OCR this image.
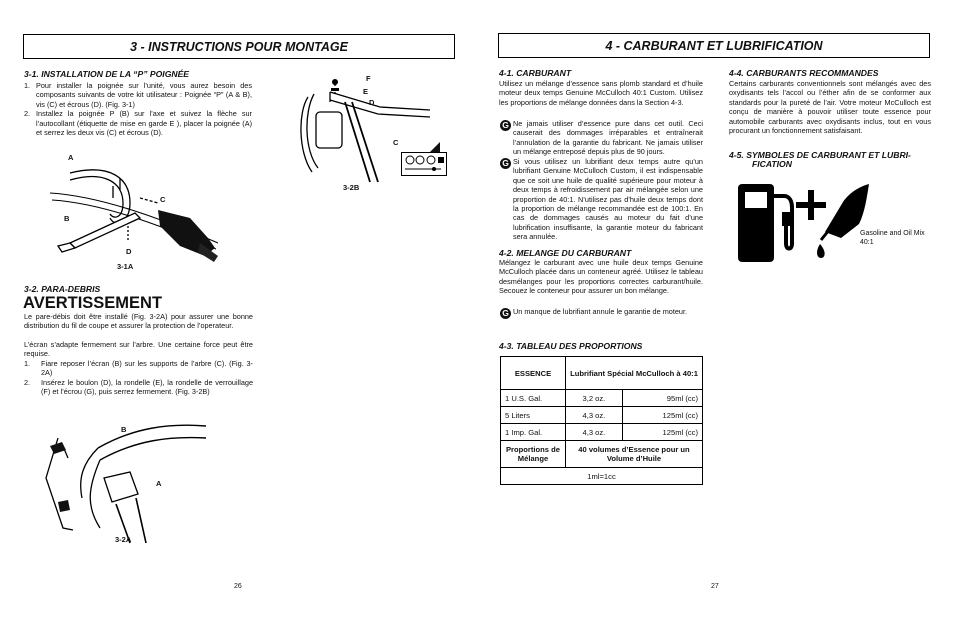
3 - INSTRUCTIONS POUR MONTAGE
3-1. INSTALLATION DE LA “P” POIGNÉE
1. Pour installer la poignée sur l’unité, vous aurez besoin des composants suivants de votre kit utilisateur : Poignée “P” (A & B), vis (C) et écrous (D). (Fig. 3-1)
2. Installez la poignée P (B) sur l’axe et suivez la flèche sur l’autocollant (étiquette de mise en garde E ), placer la poignée (A) et serrez les deux vis (C) et écrous (D).
A
B
C
D
3-1A
F
E
D
C
3-2B
3-2. PARA-DEBRIS
AVERTISSEMENT
Le pare-débis doit être installé (Fig. 3-2A) pour assurer une bonne distribution du fil de coupe et assurer la protection de l’operateur.
L’écran s’adapte fermement sur l’arbre. Une certaine force peut être requise.
1.	Fiare reposer l’écran (B) sur les supports de l’arbre (C). (Fig. 3-2A)
2.	Insérez le boulon (D), la rondelle (E), la rondelle de verrouillage (F) et l’écrou (G), puis serrez fermement. (Fig. 3-2B)
B
A
3-2A
26
4 - CARBURANT ET LUBRIFICATION
4-1. CARBURANT
Utilisez un mélange d’essence sans plomb standard et d’huile moteur deux temps Genuine McCulloch 40:1 Custom. Utilisez les proportions de mélange données dans la Section 4-3.
G Ne jamais utiliser d’essence pure dans cet outil. Ceci causerait des dommages irréparables et entraînerait l’annulation de la garantie du fabricant. Ne jamais utiliser un mélange entreposé depuis plus de 90 jours.
G Si vous utilisez un lubrifiant deux temps autre qu’un lubrifiant Genuine McCulloch Custom, il est indispensable que ce soit une huile de qualité supérieure pour moteur à deux temps à refroidissement par air mélangée selon une proportion de 40:1. N’utilisez pas d’huile deux temps dont la proportion de mélange recommandée est de 100:1. En cas de dommages causés au moteur du fait d’une lubrification insuffisante, la garantie moteur du fabricant sera annulée.
4-2. MELANGE DU CARBURANT
Mélangez le carburant avec une huile deux temps Genuine McCulloch placée dans un conteneur agréé. Utilisez le tableau desmélanges pour les proportions correctes carburant/huile. Secouez le conteneur pour assurer un bon mélange.
G Un manque de lubrifiant annule le garantie de moteur.
4-3. TABLEAU DES PROPORTIONS
ESSENCE	Lubrifiant Spécial McCulloch à 40:1	
1 U.S. Gal.	3,2 oz.	95ml (cc)
5 Liters	4,3 oz.	125ml (cc)
1 Imp. Gal.	4,3 oz.	125ml (cc)
Proportions de Mélange	40 volumes d’Essence pour un Volume d’Huile	
1ml=1cc		
4-4. CARBURANTS RECOMMANDES
Certains carburants conventionnels sont mélangés avec des oxydisants tels l’accol ou l’éther afin de se conformer aux standards pour la pureté de l’air. Votre moteur McCulloch est conçu de manière à pouvoir utiliser toute essence pour automobile carburants avec oxydisants inclus, tout en vous procurant un fonctionnement satisfaisant.
4-5. SYMBOLES DE CARBURANT ET LUBRI-
FICATION
Gasoline and Oil Mix 40:1
27
